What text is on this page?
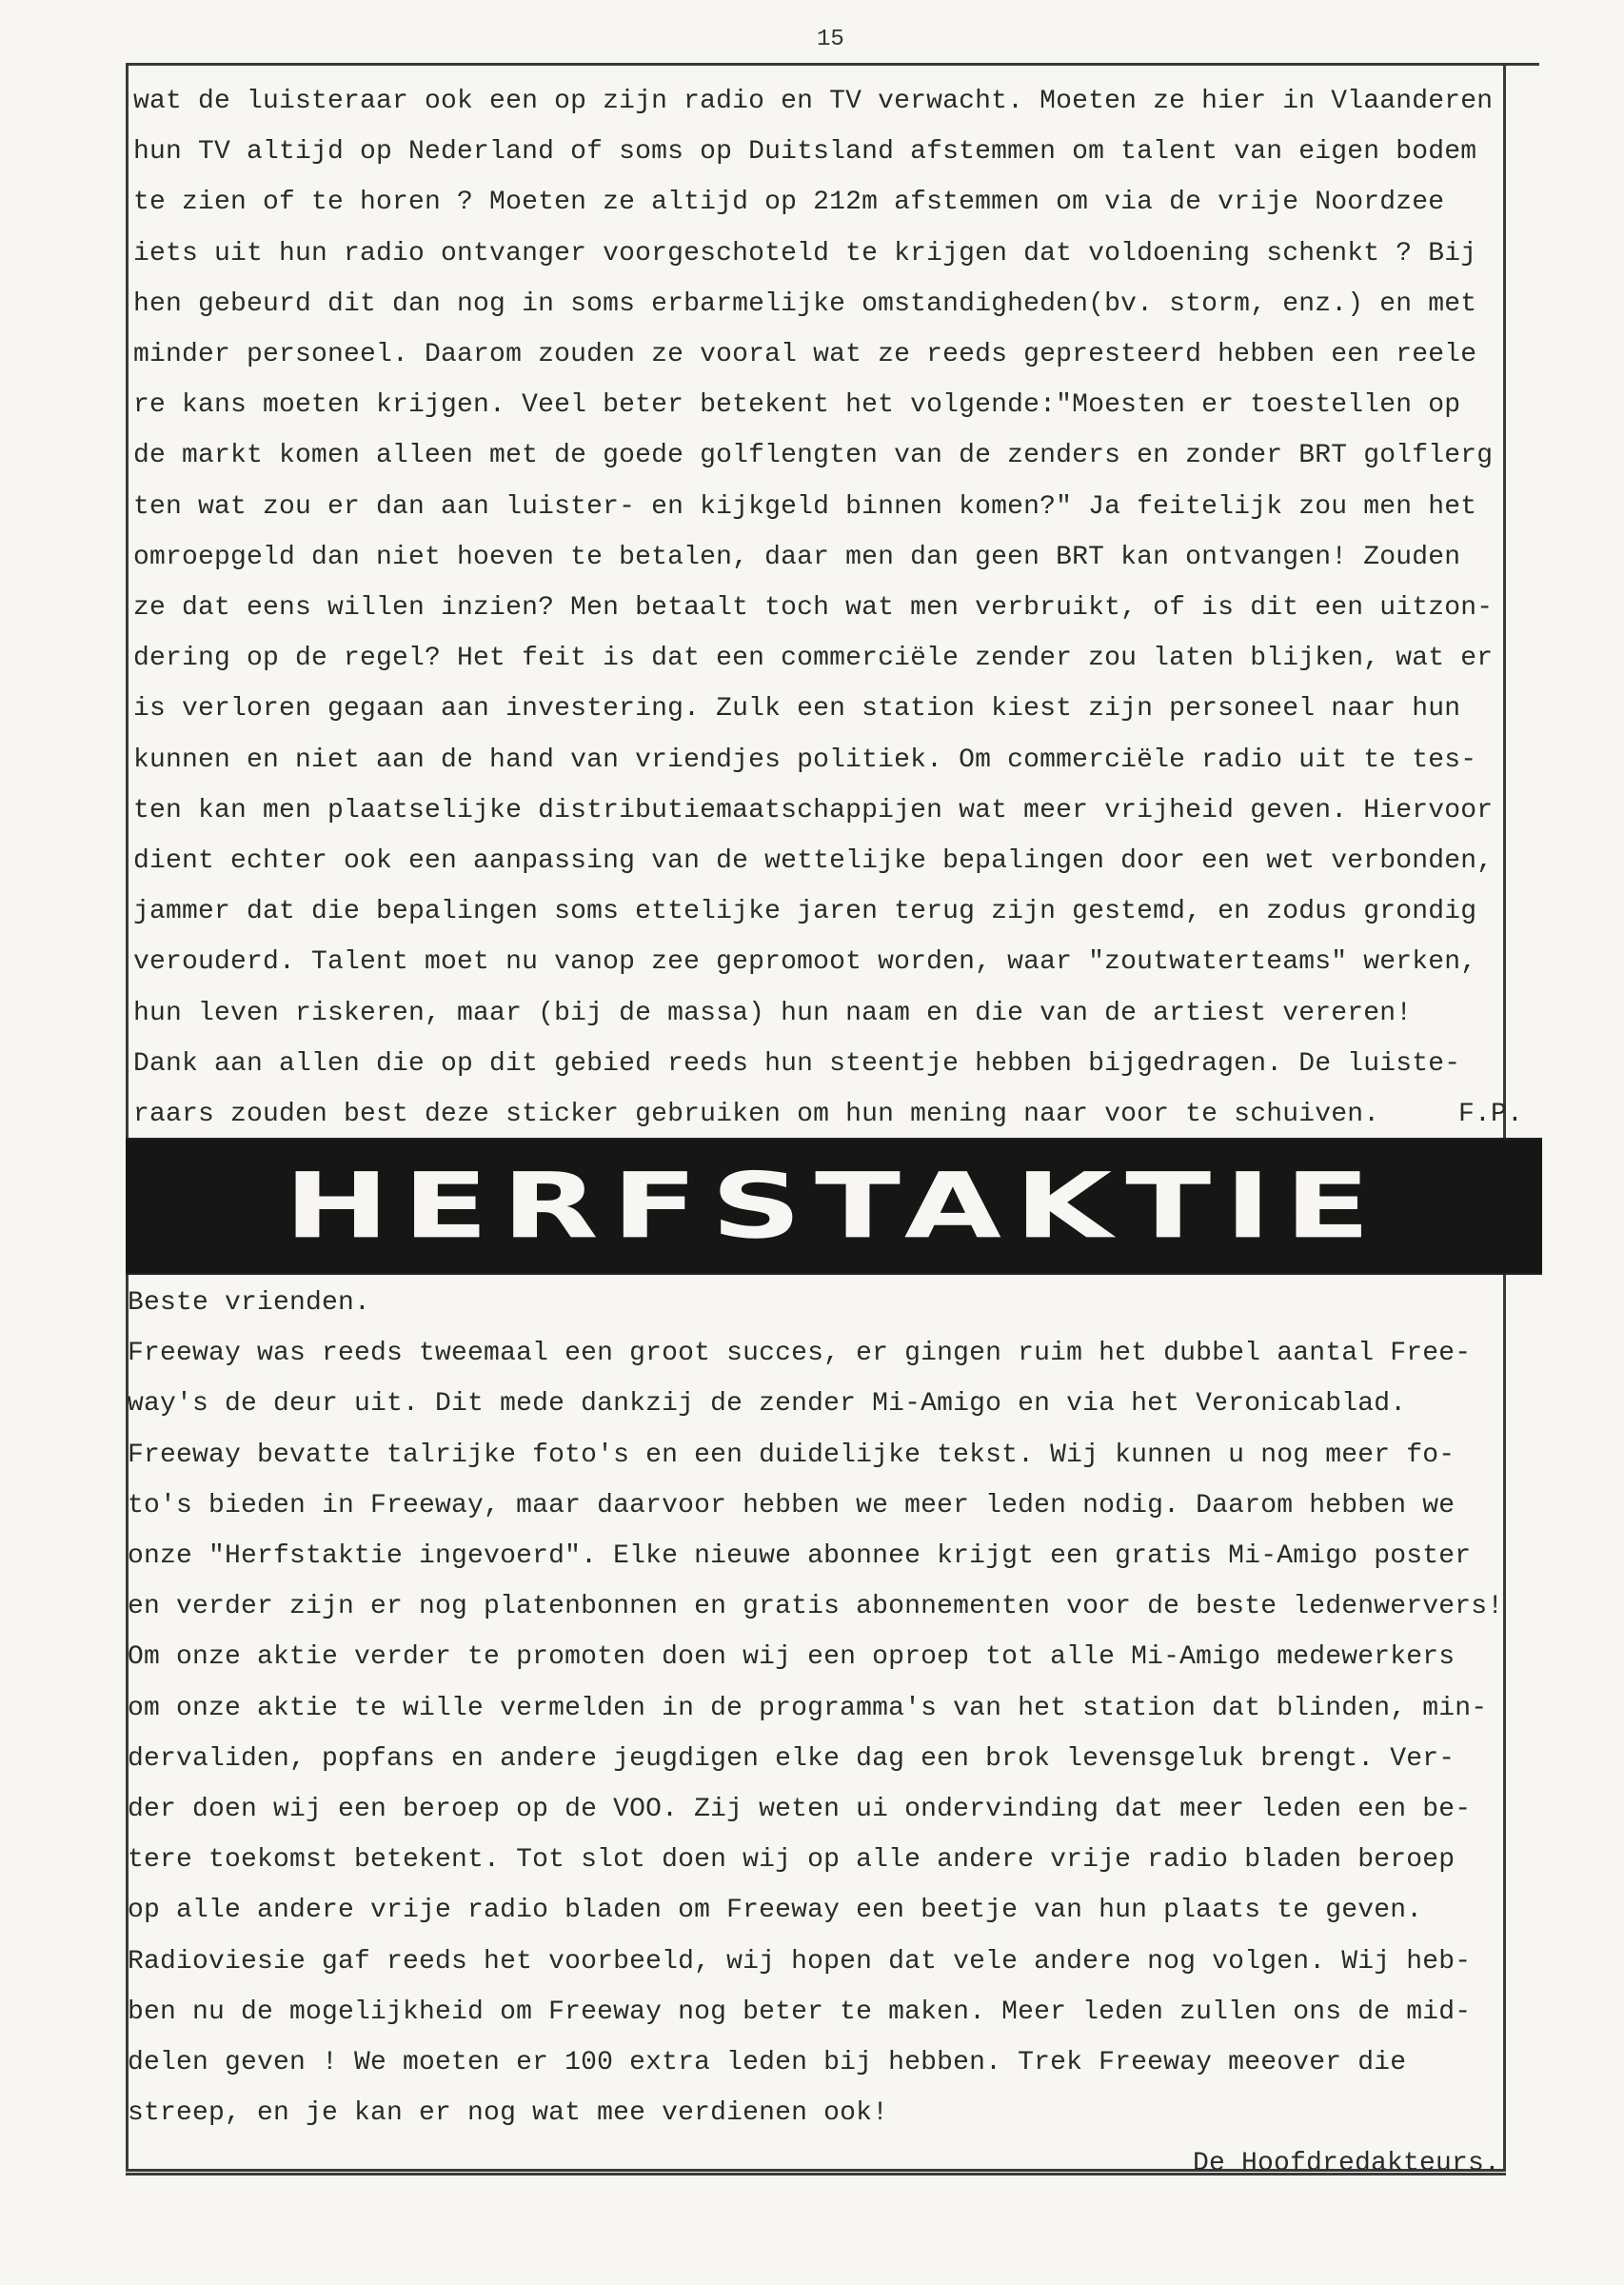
15
wat de luisteraar ook een op zijn radio en TV verwacht. Moeten ze hier in Vlaanderen
hun TV altijd op Nederland of soms op Duitsland afstemmen om talent van eigen bodem
te zien of te horen ? Moeten ze altijd op 212m afstemmen om via de vrije Noordzee
iets uit hun radio ontvanger voorgeschoteld te krijgen dat voldoening schenkt ? Bij
hen gebeurd dit dan nog in soms erbarmelijke omstandigheden(bv. storm, enz.) en met
minder personeel. Daarom zouden ze vooral wat ze reeds gepresteerd hebben een reele
re kans moeten krijgen. Veel beter betekent het volgende:"Moesten er toestellen op
de markt komen alleen met de goede golflengten van de zenders en zonder BRT golflerg
ten wat zou er dan aan luister- en kijkgeld binnen komen?" Ja feitelijk zou men het
omroepgeld dan niet hoeven te betalen, daar men dan geen BRT kan ontvangen! Zouden
ze dat eens willen inzien? Men betaalt toch wat men verbruikt, of is dit een uitzon-
dering op de regel? Het feit is dat een commerciële zender zou laten blijken, wat er
is verloren gegaan aan investering. Zulk een station kiest zijn personeel naar hun
kunnen en niet aan de hand van vriendjes politiek. Om commerciële radio uit te tes-
ten kan men plaatselijke distributiemaatschappijen wat meer vrijheid geven. Hiervoor
dient echter ook een aanpassing van de wettelijke bepalingen door een wet verbonden,
jammer dat die bepalingen soms ettelijke jaren terug zijn gestemd, en zodus grondig
verouderd. Talent moet nu vanop zee gepromoot worden, waar "zoutwaterteams" werken,
hun leven riskeren, maar (bij de massa) hun naam en die van de artiest vereren!
Dank aan allen die op dit gebied reeds hun steentje hebben bijgedragen. De luiste-
raars zouden best deze sticker gebruiken om hun mening naar voor te schuiven.	F.P.
HERFSTAKTIE
Beste vrienden.
Freeway was reeds tweemaal een groot succes, er gingen ruim het dubbel aantal Free-
way's de deur uit. Dit mede dankzij de zender Mi-Amigo en via het Veronicablad.
Freeway bevatte talrijke foto's en een duidelijke tekst. Wij kunnen u nog meer fo-
to's bieden in Freeway, maar daarvoor hebben we meer leden nodig. Daarom hebben we
onze "Herfstaktie ingevoerd". Elke nieuwe abonnee krijgt een gratis Mi-Amigo poster
en verder zijn er nog platenbonnen en gratis abonnementen voor de beste ledenwervers!
Om onze aktie verder te promoten doen wij een oproep tot alle Mi-Amigo medewerkers
om onze aktie te wille vermelden in de programma's van het station dat blinden, min-
dervaliden, popfans en andere jeugdigen elke dag een brok levensgeluk brengt. Ver-
der doen wij een beroep op de VOO. Zij weten ui ondervinding dat meer leden een be-
tere toekomst betekent. Tot slot doen wij op alle andere vrije radio bladen beroep
op alle andere vrije radio bladen om Freeway een beetje van hun plaats te geven.
Radioviesie gaf reeds het voorbeeld, wij hopen dat vele andere nog volgen. Wij heb-
ben nu de mogelijkheid om Freeway nog beter te maken. Meer leden zullen ons de mid-
delen geven ! We moeten er 100 extra leden bij hebben. Trek Freeway meeover die
streep, en je kan er nog wat mee verdienen ook!
De Hoofdredakteurs.
